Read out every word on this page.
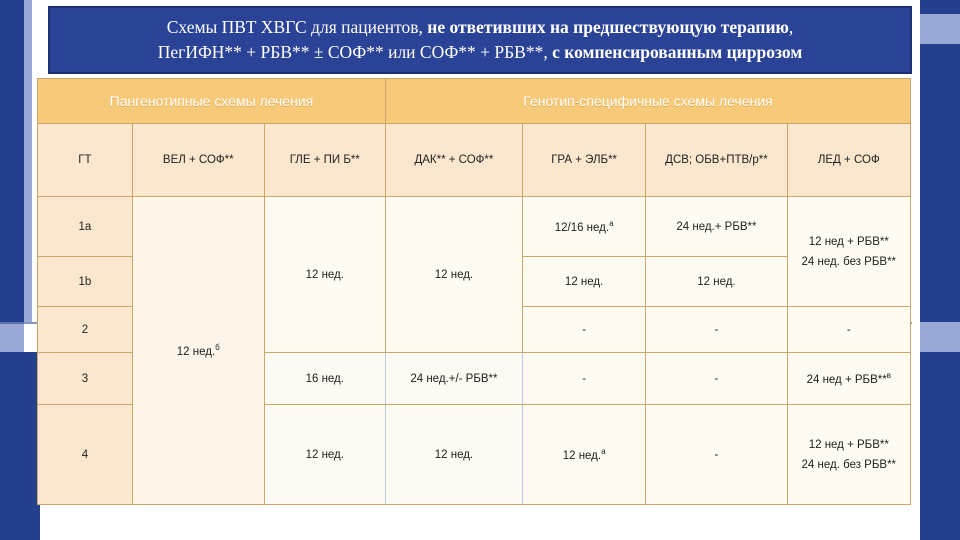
Схемы ПВТ ХВГС для пациентов, не ответивших на предшествующую терапию,
ПегИФН** + РБВ** ± СОФ** или СОФ** + РБВ**, с компенсированным циррозом
Пангенотипные схемы лечения			Генотип-специфичные схемы лечения			
ГТ	ВЕЛ + СОФ**	ГЛЕ + ПИ Б**	ДАК** + СОФ**	ГРА + ЭЛБ**	ДСВ; ОБВ+ПТВ/р**	ЛЕД + СОФ
1a	12 нед.$^б$	12 нед.	12 нед.	12/16 нед.$^а$	24 нед.+ РБВ**	12 нед + РБВ**
24 нед. без РБВ**

1b				12 нед.	12 нед.	
2				-	-	-
3		16 нед.	24 нед.+/- РБВ**	-	-	24 нед + РБВ**$^в$
4		12 нед.	12 нед.	12 нед.$^а$	-	12 нед + РБВ**
24 нед. без РБВ**
